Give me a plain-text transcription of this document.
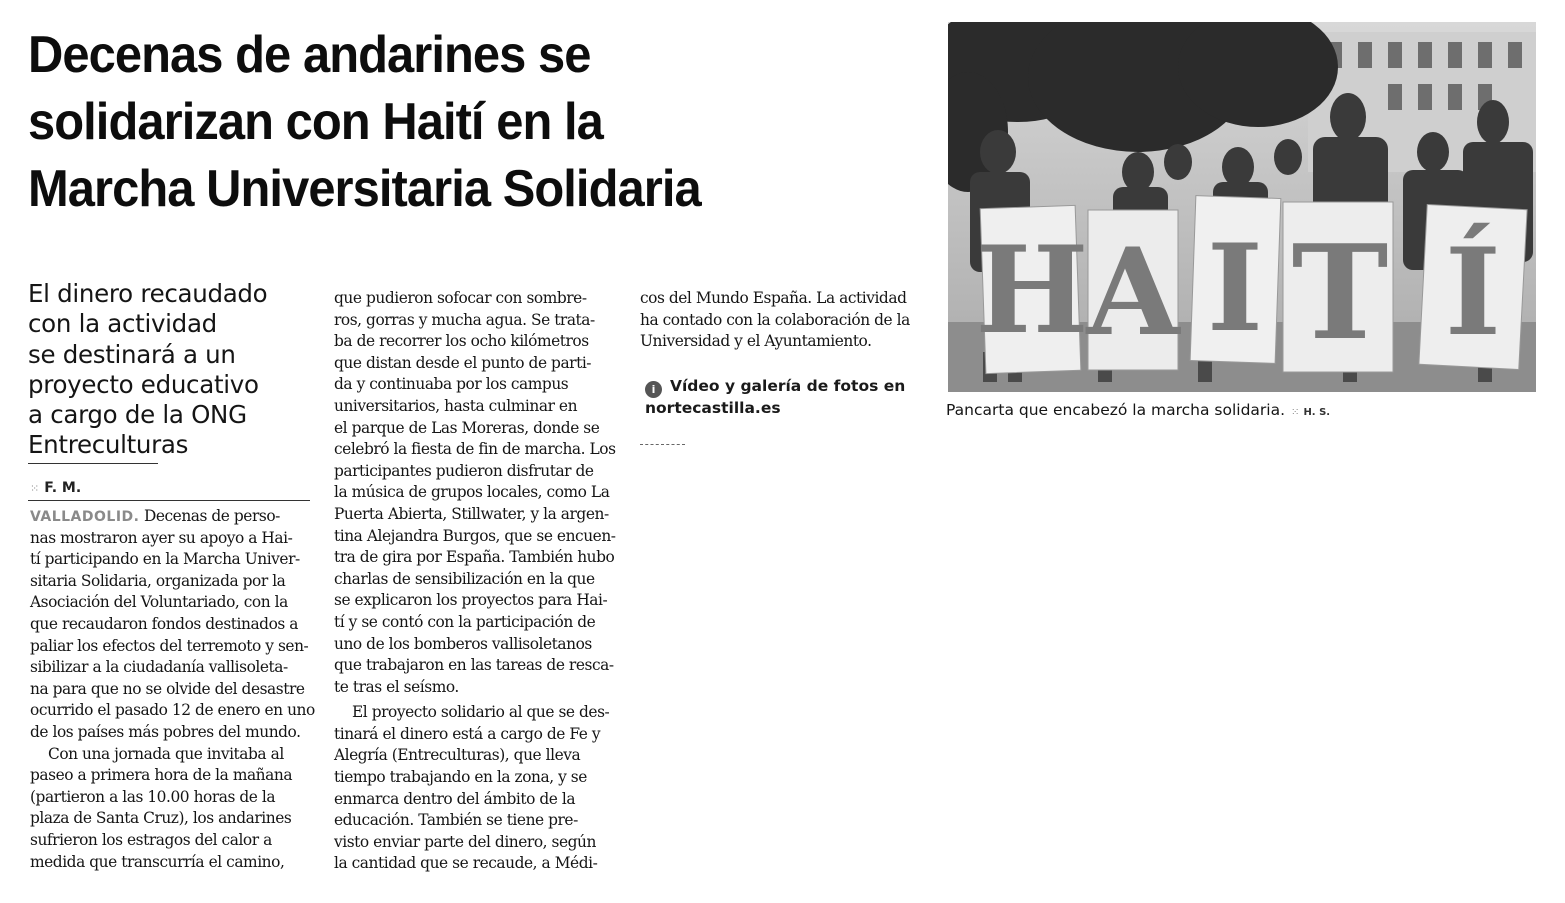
Decenas de andarines se
solidarizan con Haití en la
Marcha Universitaria Solidaria
El dinero recaudado
con la actividad
se destinará a un
proyecto educativo
a cargo de la ONG
Entreculturas
⁙ F. M.
VALLADOLID. Decenas de perso-
nas mostraron ayer su apoyo a Hai-
tí participando en la Marcha Univer-
sitaria Solidaria, organizada por la
Asociación del Voluntariado, con la
que recaudaron fondos destinados a
paliar los efectos del terremoto y sen-
sibilizar a la ciudadanía vallisoleta-
na para que no se olvide del desastre
ocurrido el pasado 12 de enero en uno
de los países más pobres del mundo.
Con una jornada que invitaba al
paseo a primera hora de la mañana
(partieron a las 10.00 horas de la
plaza de Santa Cruz), los andarines
sufrieron los estragos del calor a
medida que transcurría el camino,
que pudieron sofocar con sombre-
ros, gorras y mucha agua. Se trata-
ba de recorrer los ocho kilómetros
que distan desde el punto de parti-
da y continuaba por los campus
universitarios, hasta culminar en
el parque de Las Moreras, donde se
celebró la fiesta de fin de marcha. Los
participantes pudieron disfrutar de
la música de grupos locales, como La
Puerta Abierta, Stillwater, y la argen-
tina Alejandra Burgos, que se encuen-
tra de gira por España. También hubo
charlas de sensibilización en la que
se explicaron los proyectos para Hai-
tí y se contó con la participación de
uno de los bomberos vallisoletanos
que trabajaron en las tareas de resca-
te tras el seísmo.
El proyecto solidario al que se des-
tinará el dinero está a cargo de Fe y
Alegría (Entreculturas), que lleva
tiempo trabajando en la zona, y se
enmarca dentro del ámbito de la
educación. También se tiene pre-
visto enviar parte del dinero, según
la cantidad que se recaude, a Médi-
cos del Mundo España. La actividad
ha contado con la colaboración de la
Universidad y el Ayuntamiento.
i Vídeo y galería de fotos en
nortecastilla.es
H
A I T Í
Pancarta que encabezó la marcha solidaria. ⁙ H. S.
